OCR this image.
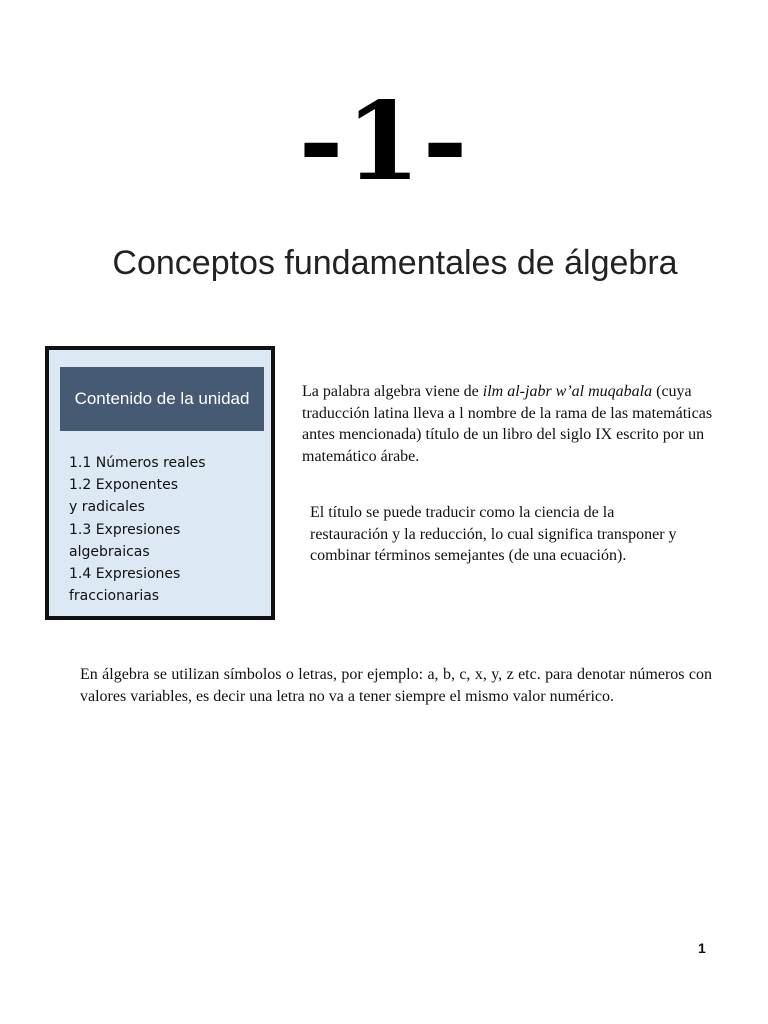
-1-
Conceptos fundamentales de álgebra
Contenido de la unidad
1.1 Números reales
1.2 Exponentes
y radicales
1.3 Expresiones
algebraicas
1.4 Expresiones
fraccionarias

La palabra algebra viene de ilm al-jabr w’al muqabala (cuya traducción latina lleva a l nombre de la rama de las matemáticas antes mencionada) título de un libro del siglo IX escrito por un matemático árabe.

El título se puede traducir como la ciencia de la restauración y la reducción, lo cual significa transponer y combinar términos semejantes (de una ecuación).

En álgebra se utilizan símbolos o letras, por ejemplo: a, b, c, x, y, z etc. para denotar números con valores variables, es decir una letra no va a tener siempre el mismo valor numérico.

1
